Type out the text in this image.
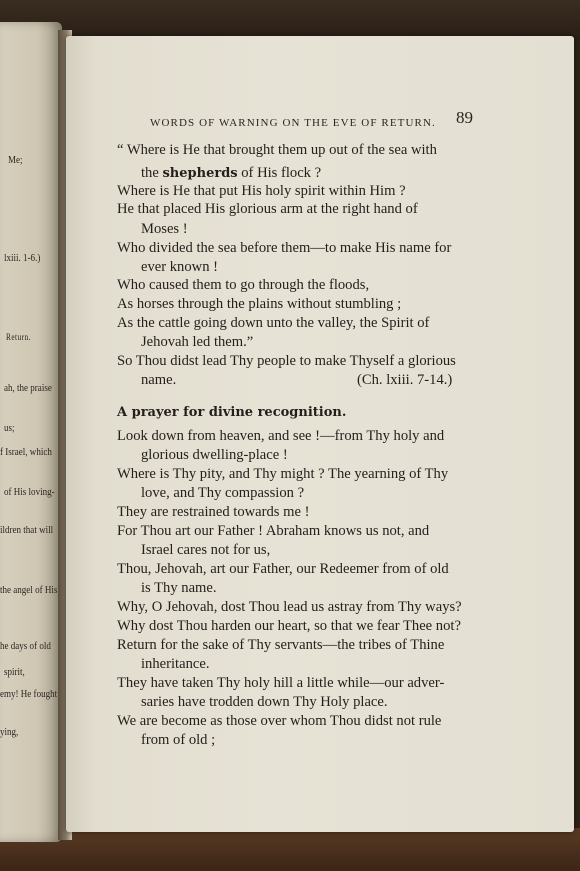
Me;
lxiii. 1-6.)
Return.
ah, the praise
us;
f Israel, which
of His loving-
ildren that will
the angel of His
he days of old
spirit,
emy! He fought
ying,
WORDS OF WARNING ON THE EVE OF RETURN. 89
“ Where is He that brought them up out of the sea with
the shepherds of His flock ?
Where is He that put His holy spirit within Him ?
He that placed His glorious arm at the right hand of
Moses !
Who divided the sea before them—to make His name for
ever known !
Who caused them to go through the floods,
As horses through the plains without stumbling ;
As the cattle going down unto the valley, the Spirit of
Jehovah led them.”
So Thou didst lead Thy people to make Thyself a glorious
name.	(Ch. lxiii. 7-14.)
A prayer for divine recognition.
Look down from heaven, and see !—from Thy holy and
glorious dwelling-place !
Where is Thy pity, and Thy might ? The yearning of Thy
love, and Thy compassion ?
They are restrained towards me !
For Thou art our Father ! Abraham knows us not, and
Israel cares not for us,
Thou, Jehovah, art our Father, our Redeemer from of old
is Thy name.
Why, O Jehovah, dost Thou lead us astray from Thy ways?
Why dost Thou harden our heart, so that we fear Thee not?
Return for the sake of Thy servants—the tribes of Thine
inheritance.
They have taken Thy holy hill a little while—our adver-
saries have trodden down Thy Holy place.
We are become as those over whom Thou didst not rule
from of old ;
